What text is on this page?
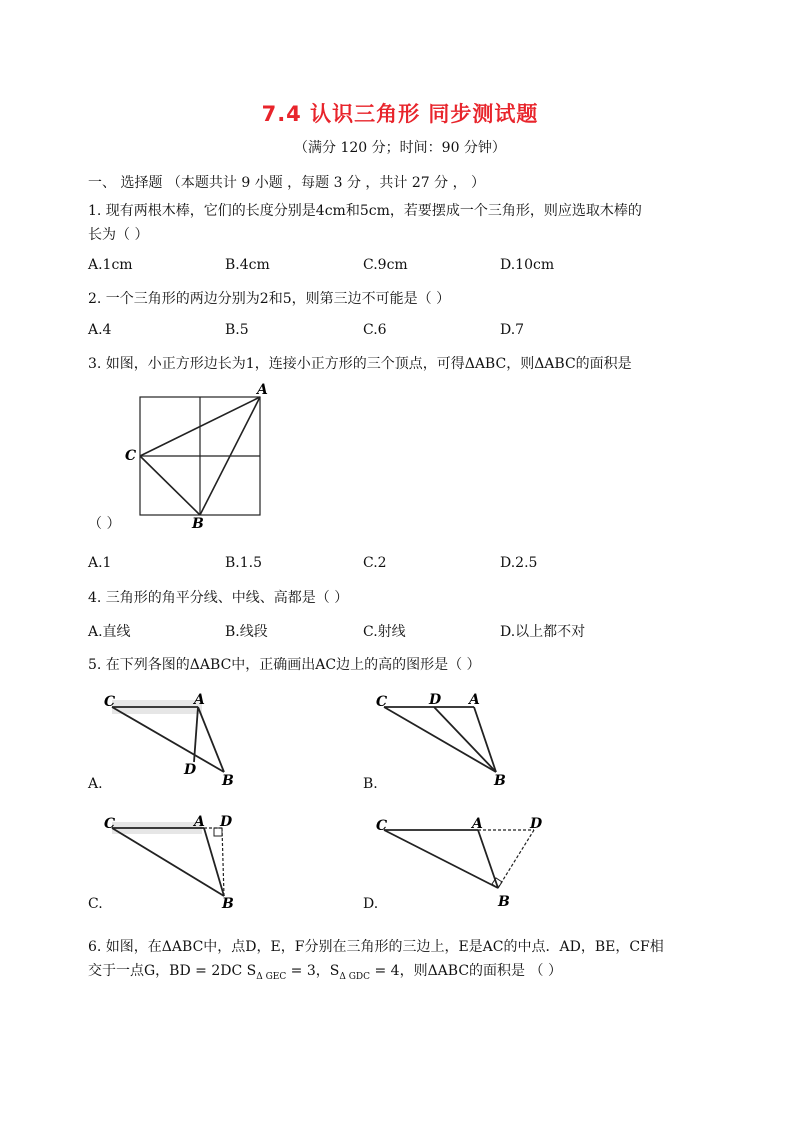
7.4 认识三角形 同步测试题
（满分 120 分；时间：90 分钟）
一、 选择题 （本题共计 9 小题 ，每题 3 分 ，共计 27 分 ， ）
1. 现有两根木棒，它们的长度分别是4cm和5cm，若要摆成一个三角形，则应选取木棒的
长为（ ）
A.1cm	B.4cm	C.9cm	D.10cm
2. 一个三角形的两边分别为2和5，则第三边不可能是（ ）
A.4	B.5	C.6	D.7
3. 如图，小正方形边长为1，连接小正方形的三个顶点，可得ΔABC，则ΔABC的面积是
A
C
B
（ ）
A.1	B.1.5	C.2	D.2.5
4. 三角形的角平分线、中线、高都是（ ）
A.直线	B.线段	C.射线	D.以上都不对
5. 在下列各图的ΔABC中，正确画出AC边上的高的图形是（ ）
C	A
D
B
A.
C	D A
B
B.
C	A D
B
C.
C	A	D
B
D.
6. 如图，在ΔABC中，点D，E，F分别在三角形的三边上，E是AC的中点．AD，BE，CF相
交于一点G，BD = 2DC $S_{\Delta GEC} = 3$，$S_{\Delta GDC} = 4$，则ΔABC的面积是 （ ）
